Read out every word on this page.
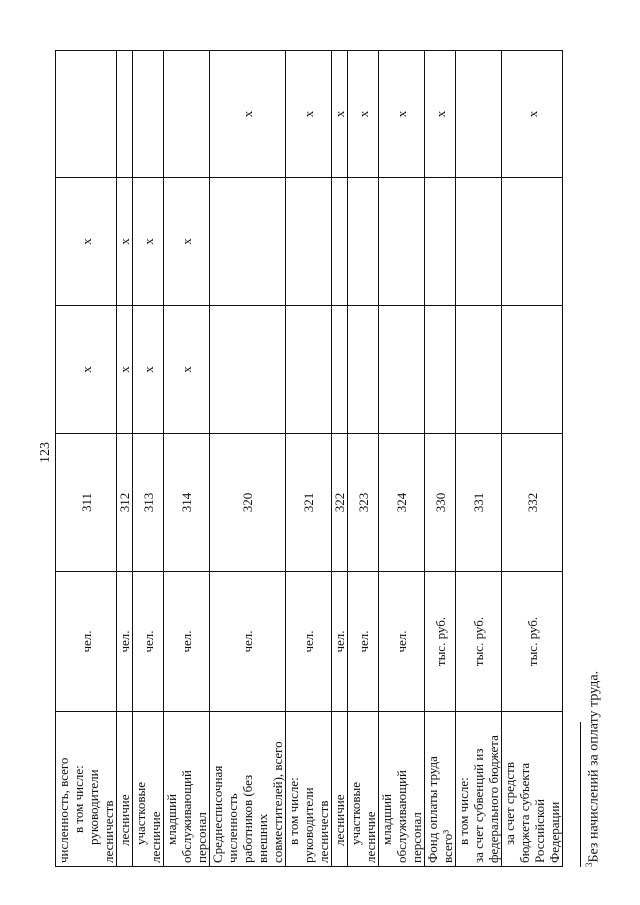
123
численность, всего в том числе: руководители лесничеств	чел.	311	х	х	

лесничие	чел.	312	х	х	

участковые лесничие	чел.	313	х	х	

младший обслуживающий персонал	чел.	314	х	х	

Среднесписочная численность работников (без внешних совместителей), всего	чел.	320			х

в том числе: руководители лесничеств	чел.	321			х

лесничие	чел.	322			х

участковые лесничие	чел.	323			х

младший обслуживающий персонал	чел.	324			х

Фонд оплаты труда всего³	тыс. руб.	330			х

в том числе: за счет субвенций из федерального бюджета	тыс. руб.	331			

за счет средств бюджета субъекта Российской Федерации	тыс. руб.	332			х
$^3$Без начислений за оплату труда.
